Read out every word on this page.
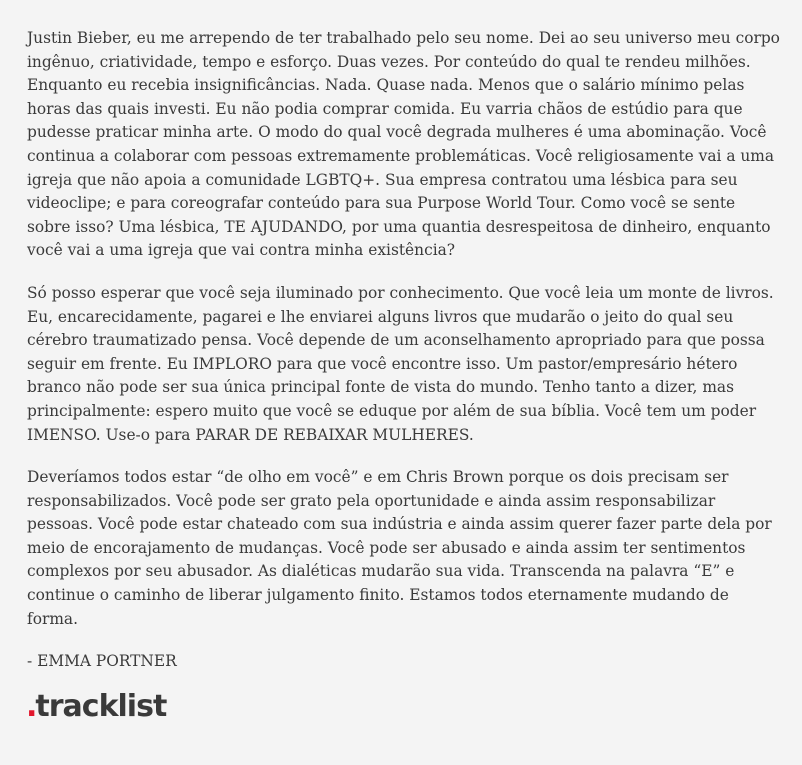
Justin Bieber, eu me arrependo de ter trabalhado pelo seu nome. Dei ao seu universo meu corpo ingênuo, criatividade, tempo e esforço. Duas vezes. Por conteúdo do qual te rendeu milhões. Enquanto eu recebia insignificâncias. Nada. Quase nada. Menos que o salário mínimo pelas horas das quais investi. Eu não podia comprar comida. Eu varria chãos de estúdio para que pudesse praticar minha arte. O modo do qual você degrada mulheres é uma abominação. Você continua a colaborar com pessoas extremamente problemáticas. Você religiosamente vai a uma igreja que não apoia a comunidade LGBTQ+. Sua empresa contratou uma lésbica para seu videoclipe; e para coreografar conteúdo para sua Purpose World Tour. Como você se sente sobre isso? Uma lésbica, TE AJUDANDO, por uma quantia desrespeitosa de dinheiro, enquanto você vai a uma igreja que vai contra minha existência?

Só posso esperar que você seja iluminado por conhecimento. Que você leia um monte de livros. Eu, encarecidamente, pagarei e lhe enviarei alguns livros que mudarão o jeito do qual seu cérebro traumatizado pensa. Você depende de um aconselhamento apropriado para que possa seguir em frente. Eu IMPLORO para que você encontre isso. Um pastor/empresário hétero branco não pode ser sua única principal fonte de vista do mundo. Tenho tanto a dizer, mas principalmente: espero muito que você se eduque por além de sua bíblia. Você tem um poder IMENSO. Use-o para PARAR DE REBAIXAR MULHERES.

Deveríamos todos estar “de olho em você” e em Chris Brown porque os dois precisam ser responsabilizados. Você pode ser grato pela oportunidade e ainda assim responsabilizar pessoas. Você pode estar chateado com sua indústria e ainda assim querer fazer parte dela por meio de encorajamento de mudanças. Você pode ser abusado e ainda assim ter sentimentos complexos por seu abusador. As dialéticas mudarão sua vida. Transcenda na palavra “E” e continue o caminho de liberar julgamento finito. Estamos todos eternamente mudando de forma.

- EMMA PORTNER

.tracklist
